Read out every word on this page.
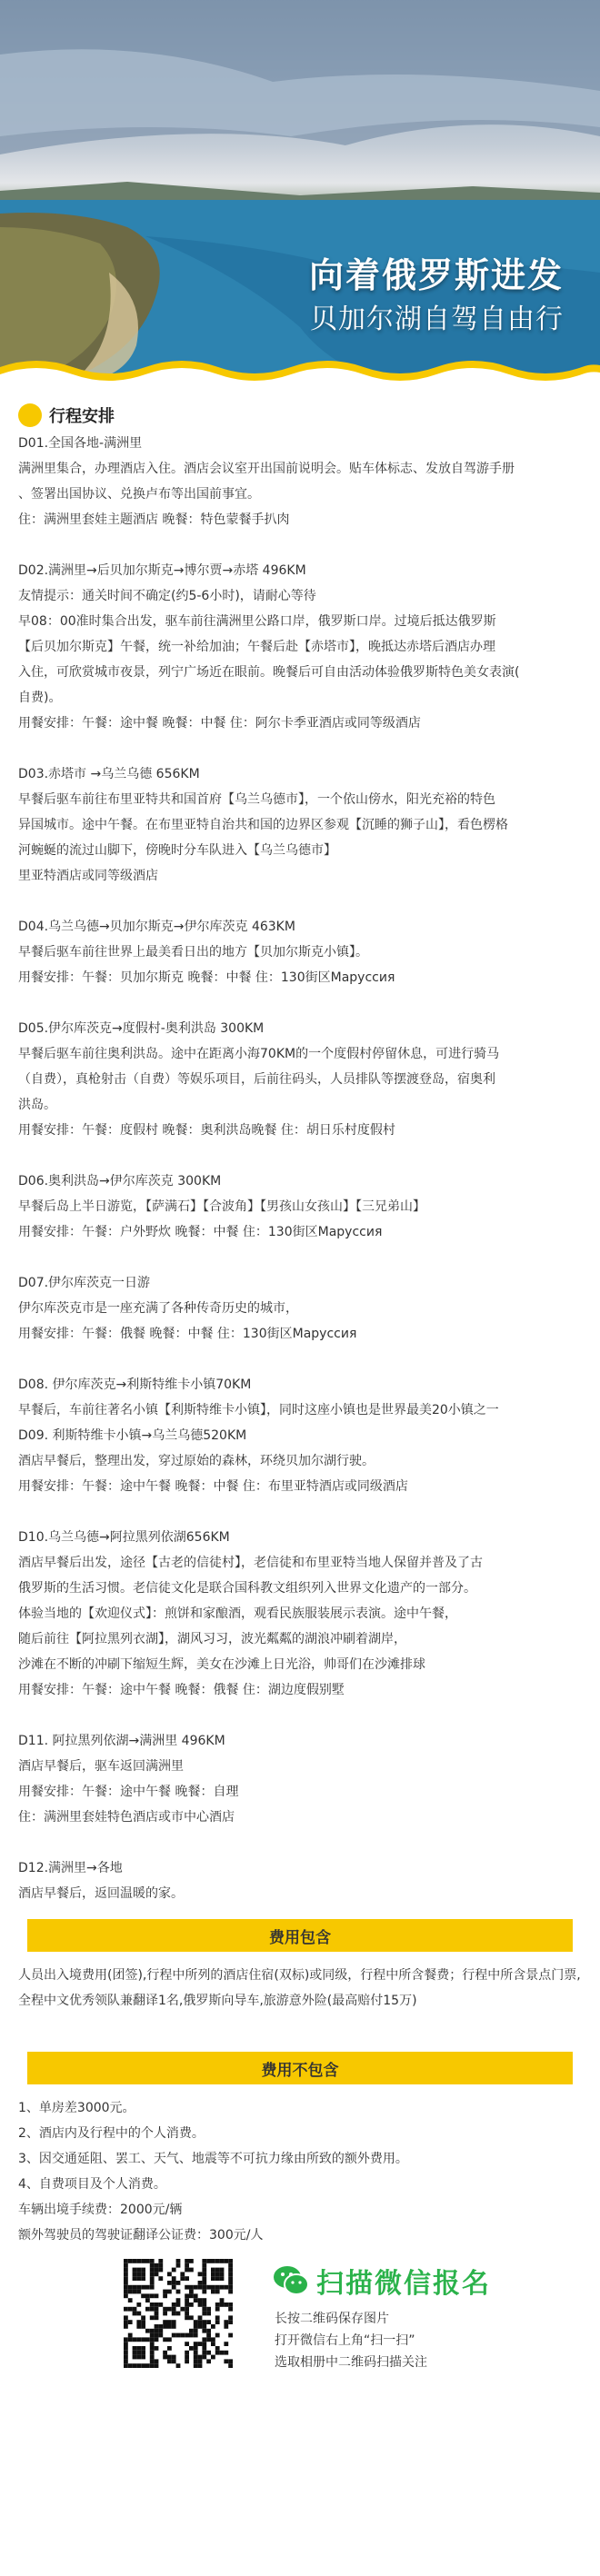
向着俄罗斯进发
贝加尔湖自驾自由行
行程安排
D01.全国各地-满洲里
满洲里集合，办理酒店入住。酒店会议室开出国前说明会。贴车体标志、发放自驾游手册
、签署出国协议、兑换卢布等出国前事宜。
住：满洲里套娃主题酒店 晚餐：特色蒙餐手扒肉
D02.满洲里→后贝加尔斯克→博尔贾→赤塔 496KM
友情提示：通关时间不确定(约5-6小时)，请耐心等待
早08：00准时集合出发，驱车前往满洲里公路口岸，俄罗斯口岸。过境后抵达俄罗斯
【后贝加尔斯克】午餐，统一补给加油；午餐后赴【赤塔市】，晚抵达赤塔后酒店办理
入住，可欣赏城市夜景，列宁广场近在眼前。晚餐后可自由活动体验俄罗斯特色美女表演(
自费)。
用餐安排：午餐：途中餐 晚餐：中餐 住：阿尔卡季亚酒店或同等级酒店
D03.赤塔市 →乌兰乌德 656KM
早餐后驱车前往布里亚特共和国首府【乌兰乌德市】，一个依山傍水，阳光充裕的特色
异国城市。途中午餐。在布里亚特自治共和国的边界区参观【沉睡的狮子山】，看色楞格
河蜿蜒的流过山脚下，傍晚时分车队进入【乌兰乌德市】
里亚特酒店或同等级酒店
D04.乌兰乌德→贝加尔斯克→伊尔库茨克 463KM
早餐后驱车前往世界上最美看日出的地方【贝加尔斯克小镇】。
用餐安排：午餐：贝加尔斯克 晚餐：中餐 住：130街区Маруссия
D05.伊尔库茨克→度假村-奥利洪岛 300KM
早餐后驱车前往奥利洪岛。途中在距离小海70KM的一个度假村停留休息，可进行骑马
（自费），真枪射击（自费）等娱乐项目，后前往码头，人员排队等摆渡登岛，宿奥利
洪岛。
用餐安排：午餐：度假村 晚餐：奥利洪岛晚餐 住：胡日乐村度假村
D06.奥利洪岛→伊尔库茨克 300KM
早餐后岛上半日游览，【萨满石】【合波角】【男孩山女孩山】【三兄弟山】
用餐安排：午餐：户外野炊 晚餐：中餐 住：130街区Маруссия
D07.伊尔库茨克一日游
伊尔库茨克市是一座充满了各种传奇历史的城市，
用餐安排：午餐：俄餐 晚餐：中餐 住：130街区Маруссия
D08. 伊尔库茨克→利斯特维卡小镇70KM
早餐后，车前往著名小镇【利斯特维卡小镇】，同时这座小镇也是世界最美20小镇之一
D09. 利斯特维卡小镇→乌兰乌德520KM
酒店早餐后，整理出发，穿过原始的森林，环绕贝加尔湖行驶。
用餐安排：午餐：途中午餐 晚餐：中餐 住：布里亚特酒店或同级酒店
D10.乌兰乌德→阿拉黑列依湖656KM
酒店早餐后出发，途径【古老的信徒村】，老信徒和布里亚特当地人保留并普及了古
俄罗斯的生活习惯。老信徒文化是联合国科教文组织列入世界文化遗产的一部分。
体验当地的【欢迎仪式】：煎饼和家酿酒，观看民族服装展示表演。途中午餐，
随后前往【阿拉黑列衣湖】，湖风习习，波光粼粼的湖浪冲刷着湖岸，
沙滩在不断的冲刷下缩短生辉，美女在沙滩上日光浴，帅哥们在沙滩排球
用餐安排：午餐：途中午餐 晚餐：俄餐 住：湖边度假别墅
D11. 阿拉黑列依湖→满洲里 496KM
酒店早餐后，驱车返回满洲里
用餐安排：午餐：途中午餐 晚餐：自理
住：满洲里套娃特色酒店或市中心酒店
D12.满洲里→各地
酒店早餐后，返回温暖的家。
费用包含
人员出入境费用(团签),行程中所列的酒店住宿(双标)或同级，行程中所含餐费；行程中所含景点门票,全程中文优秀领队兼翻译1名,俄罗斯向导车,旅游意外险(最高赔付15万)
费用不包含
1、单房差3000元。
2、酒店内及行程中的个人消费。
3、因交通延阻、罢工、天气、地震等不可抗力缘由所致的额外费用。
4、自费项目及个人消费。
车辆出境手续费：2000元/辆
额外驾驶员的驾驶证翻译公证费：300元/人
扫描微信报名
长按二维码保存图片
打开微信右上角“扫一扫”
选取相册中二维码扫描关注
